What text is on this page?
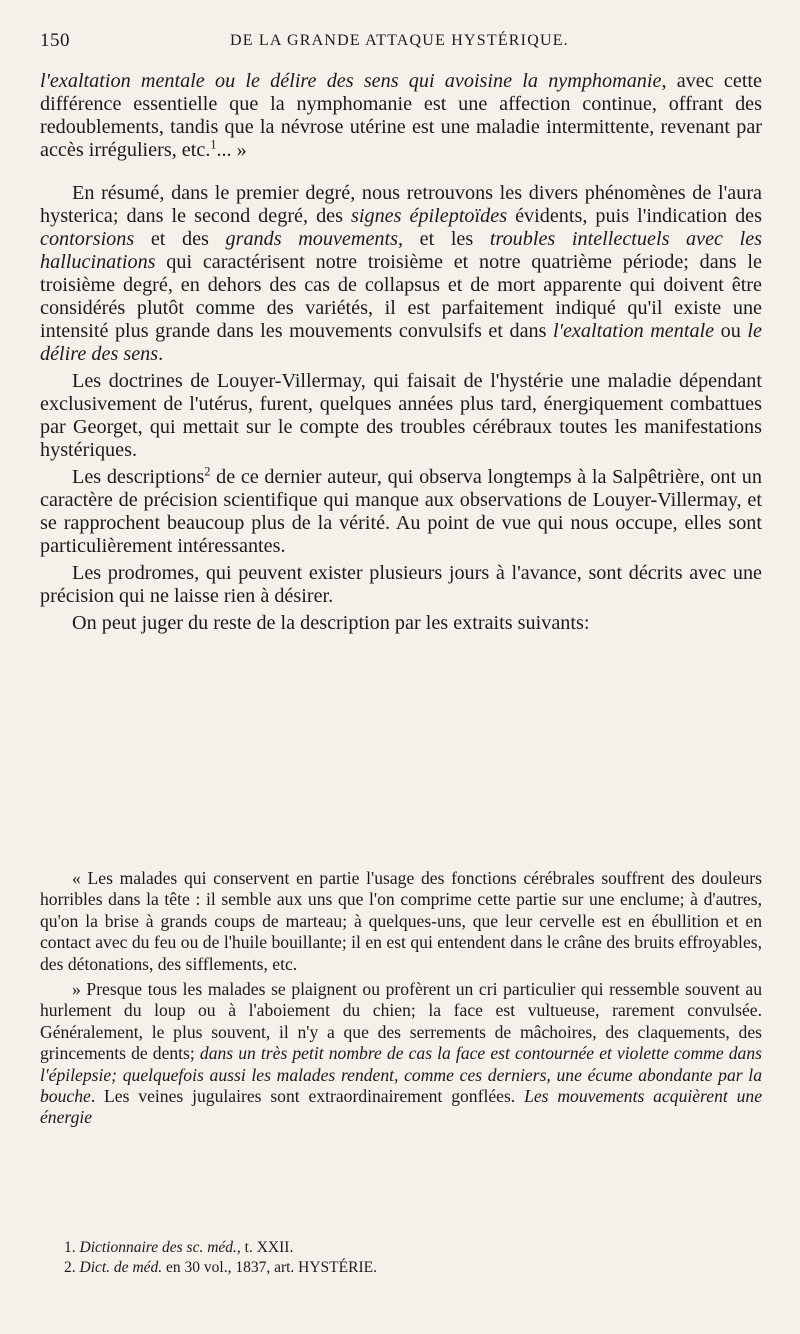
150	DE LA GRANDE ATTAQUE HYSTÉRIQUE.

l'exaltation mentale ou le délire des sens qui avoisine la nymphomanie, avec cette différence essentielle que la nymphomanie est une affection continue, offrant des redoublements, tandis que la névrose utérine est une maladie intermittente, revenant par accès irréguliers, etc.$^1$... »

En résumé, dans le premier degré, nous retrouvons les divers phénomènes de l'aura hysterica; dans le second degré, des signes épileptoïdes évidents, puis l'indication des contorsions et des grands mouvements, et les troubles intellectuels avec les hallucinations qui caractérisent notre troisième et notre quatrième période; dans le troisième degré, en dehors des cas de collapsus et de mort apparente qui doivent être considérés plutôt comme des variétés, il est parfaitement indiqué qu'il existe une intensité plus grande dans les mouvements convulsifs et dans l'exaltation mentale ou le délire des sens.

Les doctrines de Louyer-Villermay, qui faisait de l'hystérie une maladie dépendant exclusivement de l'utérus, furent, quelques années plus tard, énergiquement combattues par Georget, qui mettait sur le compte des troubles cérébraux toutes les manifestations hystériques.

Les descriptions$^2$ de ce dernier auteur, qui observa longtemps à la Salpêtrière, ont un caractère de précision scientifique qui manque aux observations de Louyer-Villermay, et se rapprochent beaucoup plus de la vérité. Au point de vue qui nous occupe, elles sont particulièrement intéressantes.

Les prodromes, qui peuvent exister plusieurs jours à l'avance, sont décrits avec une précision qui ne laisse rien à désirer.

On peut juger du reste de la description par les extraits suivants:

« Les malades qui conservent en partie l'usage des fonctions cérébrales souffrent des douleurs horribles dans la tête : il semble aux uns que l'on comprime cette partie sur une enclume; à d'autres, qu'on la brise à grands coups de marteau; à quelques-uns, que leur cervelle est en ébullition et en contact avec du feu ou de l'huile bouillante; il en est qui entendent dans le crâne des bruits effroyables, des détonations, des sifflements, etc.

» Presque tous les malades se plaignent ou profèrent un cri particulier qui ressemble souvent au hurlement du loup ou à l'aboiement du chien; la face est vultueuse, rarement convulsée. Généralement, le plus souvent, il n'y a que des serrements de mâchoires, des claquements, des grincements de dents; dans un très petit nombre de cas la face est contournée et violette comme dans l'épilepsie; quelquefois aussi les malades rendent, comme ces derniers, une écume abondante par la bouche. Les veines jugulaires sont extraordinairement gonflées. Les mouvements acquièrent une énergie

1. Dictionnaire des sc. méd., t. XXII.
2. Dict. de méd. en 30 vol., 1837, art. HYSTÉRIE.
